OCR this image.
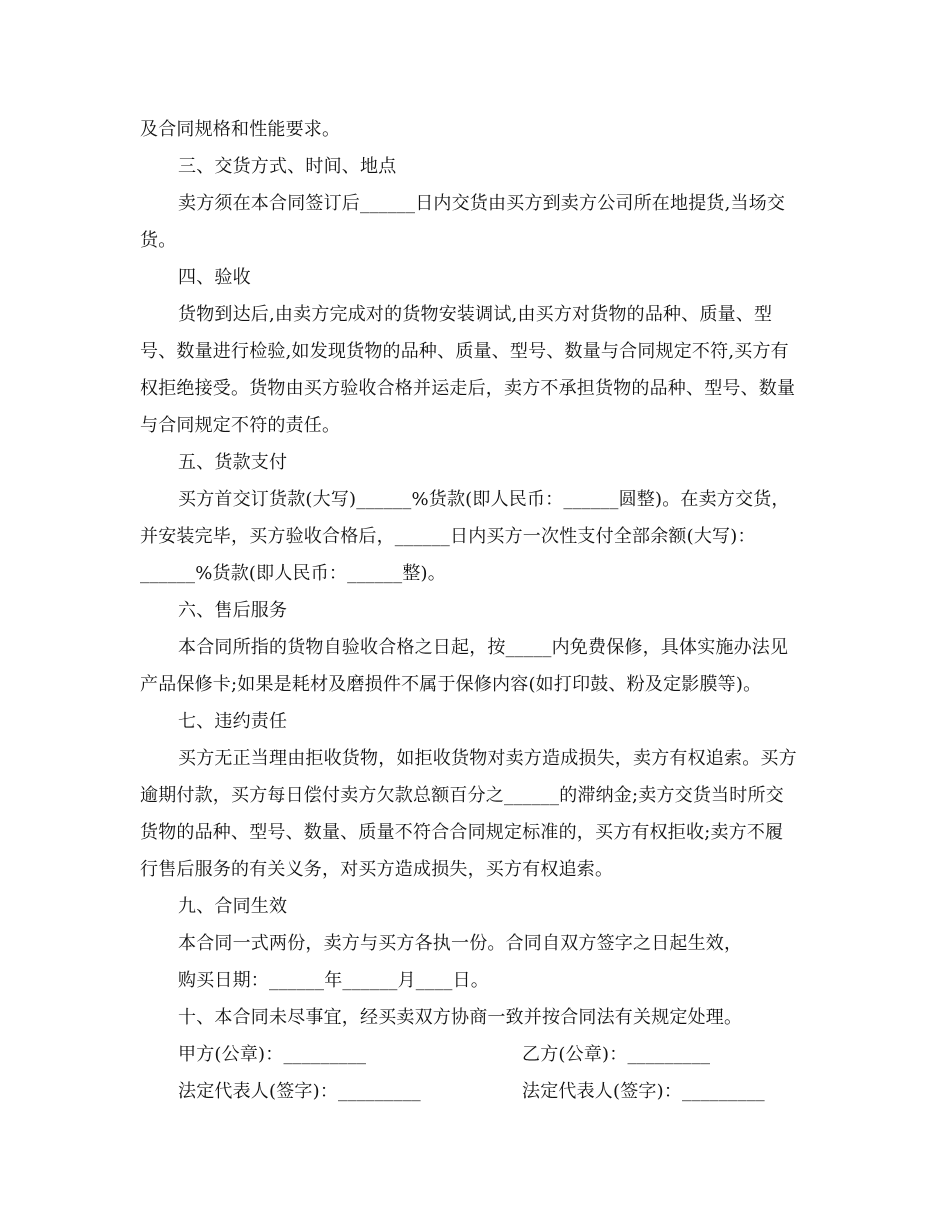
及合同规格和性能要求。
三、交货方式、时间、地点
卖方须在本合同签订后______日内交货由买方到卖方公司所在地提货,当场交
货。
四、验收
货物到达后,由卖方完成对的货物安装调试,由买方对货物的品种、质量、型
号、数量进行检验,如发现货物的品种、质量、型号、数量与合同规定不符,买方有
权拒绝接受。货物由买方验收合格并运走后，卖方不承担货物的品种、型号、数量
与合同规定不符的责任。
五、货款支付
买方首交订货款(大写)______%货款(即人民币：______圆整)。在卖方交货，
并安装完毕，买方验收合格后，______日内买方一次性支付全部余额(大写)：
______%货款(即人民币：______整)。
六、售后服务
本合同所指的货物自验收合格之日起，按_____内免费保修，具体实施办法见
产品保修卡;如果是耗材及磨损件不属于保修内容(如打印鼓、粉及定影膜等)。
七、违约责任
买方无正当理由拒收货物，如拒收货物对卖方造成损失，卖方有权追索。买方
逾期付款，买方每日偿付卖方欠款总额百分之______的滞纳金;卖方交货当时所交
货物的品种、型号、数量、质量不符合合同规定标准的，买方有权拒收;卖方不履
行售后服务的有关义务，对买方造成损失，买方有权追索。
九、合同生效
本合同一式两份，卖方与买方各执一份。合同自双方签字之日起生效，
购买日期：______年______月____日。
十、本合同未尽事宜，经买卖双方协商一致并按合同法有关规定处理。
甲方(公章)：_________	乙方(公章)：_________
法定代表人(签字)：_________	法定代表人(签字)：_________
